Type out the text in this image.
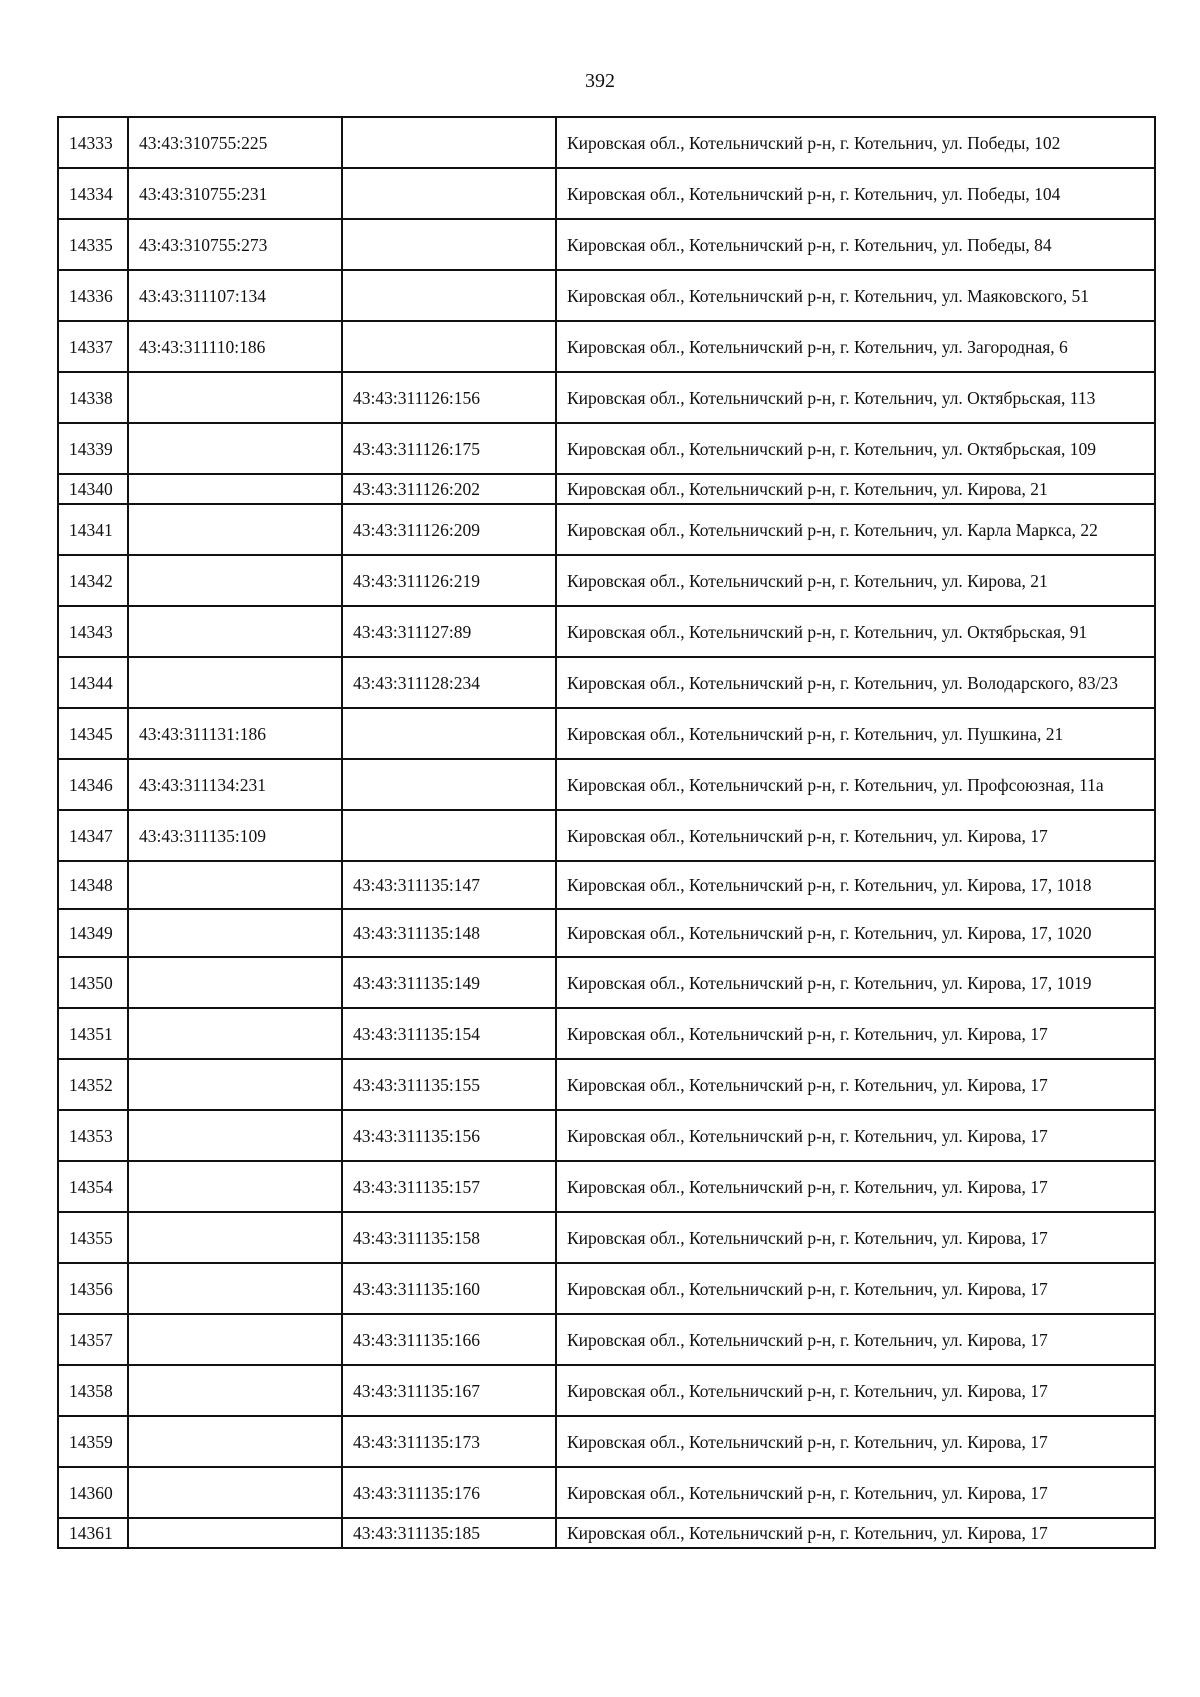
392
14333	43:43:310755:225		Кировская обл., Котельничский р-н, г. Котельнич, ул. Победы, 102
14334	43:43:310755:231		Кировская обл., Котельничский р-н, г. Котельнич, ул. Победы, 104
14335	43:43:310755:273		Кировская обл., Котельничский р-н, г. Котельнич, ул. Победы, 84
14336	43:43:311107:134		Кировская обл., Котельничский р-н, г. Котельнич, ул. Маяковского, 51
14337	43:43:311110:186		Кировская обл., Котельничский р-н, г. Котельнич, ул. Загородная, 6
14338		43:43:311126:156	Кировская обл., Котельничский р-н, г. Котельнич, ул. Октябрьская, 113
14339		43:43:311126:175	Кировская обл., Котельничский р-н, г. Котельнич, ул. Октябрьская, 109
14340		43:43:311126:202	Кировская обл., Котельничский р-н, г. Котельнич, ул. Кирова, 21
14341		43:43:311126:209	Кировская обл., Котельничский р-н, г. Котельнич, ул. Карла Маркса, 22
14342		43:43:311126:219	Кировская обл., Котельничский р-н, г. Котельнич, ул. Кирова, 21
14343		43:43:311127:89	Кировская обл., Котельничский р-н, г. Котельнич, ул. Октябрьская, 91
14344		43:43:311128:234	Кировская обл., Котельничский р-н, г. Котельнич, ул. Володарского, 83/23
14345	43:43:311131:186		Кировская обл., Котельничский р-н, г. Котельнич, ул. Пушкина, 21
14346	43:43:311134:231		Кировская обл., Котельничский р-н, г. Котельнич, ул. Профсоюзная, 11а
14347	43:43:311135:109		Кировская обл., Котельничский р-н, г. Котельнич, ул. Кирова, 17
14348		43:43:311135:147	Кировская обл., Котельничский р-н, г. Котельнич, ул. Кирова, 17, 1018
14349		43:43:311135:148	Кировская обл., Котельничский р-н, г. Котельнич, ул. Кирова, 17, 1020
14350		43:43:311135:149	Кировская обл., Котельничский р-н, г. Котельнич, ул. Кирова, 17, 1019
14351		43:43:311135:154	Кировская обл., Котельничский р-н, г. Котельнич, ул. Кирова, 17
14352		43:43:311135:155	Кировская обл., Котельничский р-н, г. Котельнич, ул. Кирова, 17
14353		43:43:311135:156	Кировская обл., Котельничский р-н, г. Котельнич, ул. Кирова, 17
14354		43:43:311135:157	Кировская обл., Котельничский р-н, г. Котельнич, ул. Кирова, 17
14355		43:43:311135:158	Кировская обл., Котельничский р-н, г. Котельнич, ул. Кирова, 17
14356		43:43:311135:160	Кировская обл., Котельничский р-н, г. Котельнич, ул. Кирова, 17
14357		43:43:311135:166	Кировская обл., Котельничский р-н, г. Котельнич, ул. Кирова, 17
14358		43:43:311135:167	Кировская обл., Котельничский р-н, г. Котельнич, ул. Кирова, 17
14359		43:43:311135:173	Кировская обл., Котельничский р-н, г. Котельнич, ул. Кирова, 17
14360		43:43:311135:176	Кировская обл., Котельничский р-н, г. Котельнич, ул. Кирова, 17
14361		43:43:311135:185	Кировская обл., Котельничский р-н, г. Котельнич, ул. Кирова, 17
